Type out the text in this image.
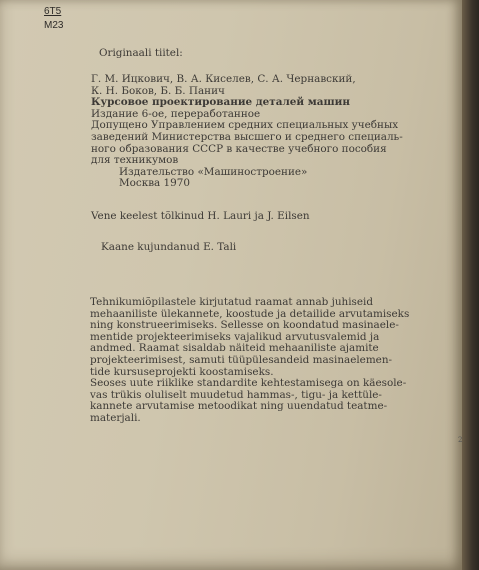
2
6Т5
М23
Originaali tiitel:
Г. М. Ицкович, В. А. Киселев, С. А. Чернавский,
К. Н. Боков, Б. Б. Панич
Курсовое проектирование деталей машин
Издание 6-ое, переработанное
Допущено Управлением средних специальных учебных
заведений Министерства высшего и среднего специаль-
ного образования СССР в качестве учебного пособия
для техникумов
Издательство «Машиностроение»
Москва 1970
Vene keelest tõlkinud H. Lauri ja J. Eilsen
Kaane kujundanud E. Tali
Tehnikumiõpilastele kirjutatud raamat annab juhiseid
mehaaniliste ülekannete, koostude ja detailide arvutamiseks
ning konstrueerimiseks. Sellesse on koondatud masinaele-
mentide projekteerimiseks vajalikud arvutusvalemid ja
andmed. Raamat sisaldab näiteid mehaaniliste ajamite
projekteerimisest, samuti tüüpülesandeid masinaelemen-
tide kursuseprojekti koostamiseks.
Seoses uute riiklike standardite kehtestamisega on käesole-
vas trükis oluliselt muudetud hammas-, tigu- ja kettüle-
kannete arvutamise metoodikat ning uuendatud teatme-
materjali.
